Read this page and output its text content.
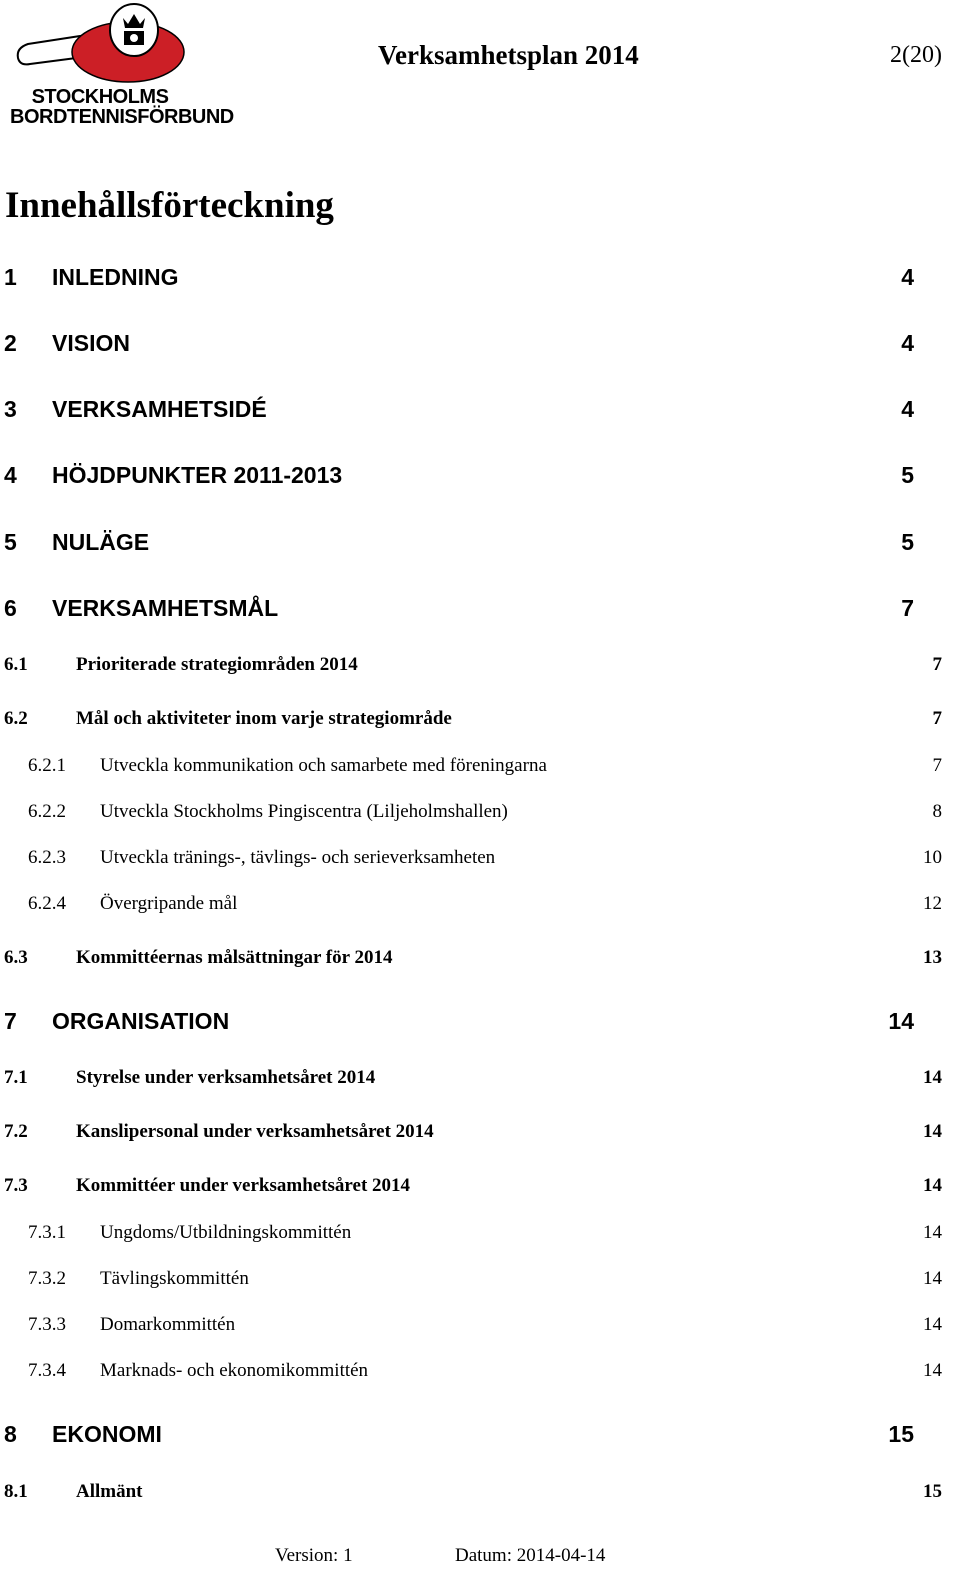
STOCKHOLMS
BORDTENNISFÖRBUND
Verksamhetsplan 2014	2(20)
Innehållsförteckning
1 INLEDNING	4
2 VISION	4
3 VERKSAMHETSIDÉ	4
4 HÖJDPUNKTER 2011-2013	5
5 NULÄGE	5
6 VERKSAMHETSMÅL	7
6.1	Prioriterade strategiområden 2014	7
6.2	Mål och aktiviteter inom varje strategiområde	7
6.2.1 Utveckla kommunikation och samarbete med föreningarna	7
6.2.2 Utveckla Stockholms Pingiscentra (Liljeholmshallen)	8
6.2.3 Utveckla tränings-, tävlings- och serieverksamheten	10
6.2.4 Övergripande mål	12
6.3	Kommittéernas målsättningar för 2014	13
7 ORGANISATION	14
7.1	Styrelse under verksamhetsåret 2014	14
7.2	Kanslipersonal under verksamhetsåret 2014	14
7.3	Kommittéer under verksamhetsåret 2014	14
7.3.1 Ungdoms/Utbildningskommittén	14
7.3.2 Tävlingskommittén	14
7.3.3 Domarkommittén	14
7.3.4 Marknads- och ekonomikommittén	14
8 EKONOMI	15
8.1	Allmänt	15
Version: 1	Datum: 2014-04-14
